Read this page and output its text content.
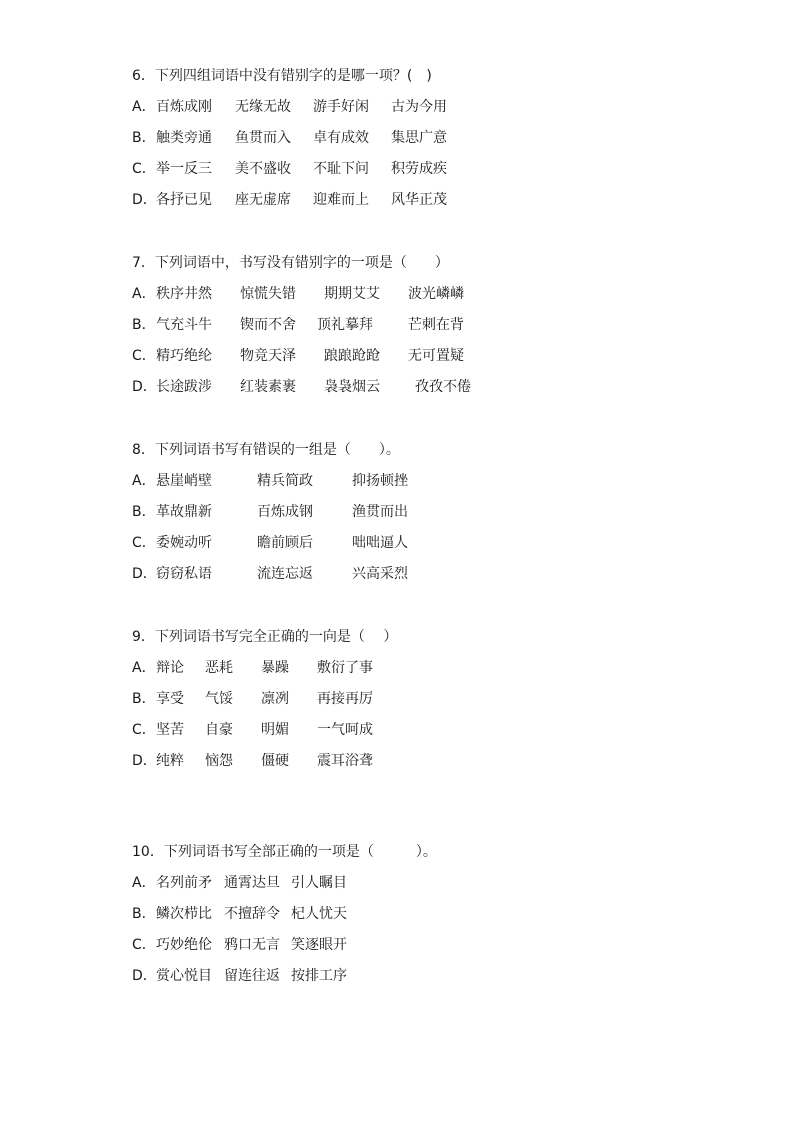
6．下列四组词语中没有错别字的是哪一项？(　)
A． 百炼成刚 无缘无故 游手好闲 古为今用
B． 触类旁通 鱼贯而入 卓有成效 集思广意
C． 举一反三 美不盛收 不耻下问 积劳成疾
D． 各抒已见 座无虚席 迎难而上 风华正茂
7．下列词语中，书写没有错别字的一项是（　　）
A． 秩序井然 惊慌失错 期期艾艾 波光嶙嶙
B． 气充斗牛 锲而不舍 顶礼摹拜	芒刺在背
C． 精巧绝纶 物竞天泽 踉踉跄跄 无可置疑
D． 长途跋涉 红装素裹 袅袅烟云	孜孜不倦
8．下列词语书写有错误的一组是（　　）。
A． 悬崖峭壁	精兵简政	抑扬顿挫
B． 革故鼎新	百炼成钢	渔贯而出
C． 委婉动听	瞻前顾后	咄咄逼人
D． 窃窃私语	流连忘返	兴高采烈
9．下列词语书写完全正确的一向是（　 ）
A． 辩论 恶耗 暴躁 敷衍了事
B． 享受 气馁 凛冽 再接再厉
C． 坚苦 自豪 明媚 一气呵成
D． 纯粹 恼怨 僵硬 震耳浴聋
10．下列词语书写全部正确的一项是（　　　）。
A． 名列前矛 通霄达旦 引人瞩目
B． 鳞次栉比 不擅辞令 杞人忧天
C． 巧妙绝伦 鸦口无言 笑逐眼开
D． 赏心悦目 留连往返 按排工序
